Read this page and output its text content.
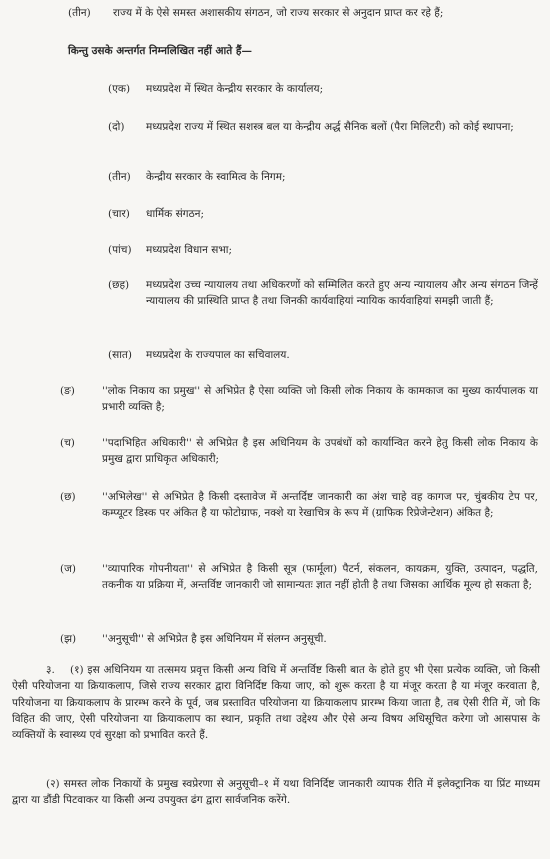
(तीन) राज्य में के ऐसे समस्त अशासकीय संगठन, जो राज्य सरकार से अनुदान प्राप्त कर रहे हैं;
किन्तु उसके अन्तर्गत निम्नलिखित नहीं आते हैं—
(एक) मध्यप्रदेश में स्थित केन्द्रीय सरकार के कार्यालय;
(दो) मध्यप्रदेश राज्य में स्थित सशस्त्र बल या केन्द्रीय अर्द्ध सैनिक बलों (पैरा मिलिटरी) को कोई स्थापना;
(तीन) केन्द्रीय सरकार के स्वामित्व के निगम;
(चार) धार्मिक संगठन;
(पांच) मध्यप्रदेश विधान सभा;
(छह) मध्यप्रदेश उच्च न्यायालय तथा अधिकरणों को सम्मिलित करते हुए अन्य न्यायालय और अन्य संगठन जिन्हें न्यायालय की प्रास्थिति प्राप्त है तथा जिनकी कार्यवाहियां न्यायिक कार्यवाहियां समझी जाती हैं;
(सात) मध्यप्रदेश के राज्यपाल का सचिवालय.
(ङ)	''लोक निकाय का प्रमुख'' से अभिप्रेत है ऐसा व्यक्ति जो किसी लोक निकाय के कामकाज का मुख्य कार्यपालक या प्रभारी व्यक्ति है;
(च)	''पदाभिहित अधिकारी'' से अभिप्रेत है इस अधिनियम के उपबंधों को कार्यान्वित करने हेतु किसी लोक निकाय के प्रमुख द्वारा प्राधिकृत अधिकारी;
(छ)	''अभिलेख'' से अभिप्रेत है किसी दस्तावेज में अन्तर्दिष्ट जानकारी का अंश चाहे वह कागज पर, चुंबकीय टेप पर, कम्प्यूटर डिस्क पर अंकित है या फोटोग्राफ, नक्शे या रेखाचित्र के रूप में (ग्राफिक रिप्रेजेन्टेशन) अंकित है;
(ज) ''व्यापारिक गोपनीयता'' से अभिप्रेत है किसी सूत्र (फार्मूला) पैटर्न, संकलन, कायक्रम, युक्ति, उत्पादन, पद्धति, तकनीक या प्रक्रिया में, अन्तर्विष्ट जानकारी जो सामान्यतः ज्ञात नहीं होती है तथा जिसका आर्थिक मूल्य हो सकता है;
(झ) ''अनुसूची'' से अभिप्रेत है इस अधिनियम में संलग्न अनुसूची.
३. (१) इस अधिनियम या तत्समय प्रवृत्त किसी अन्य विधि में अन्तर्विष्ट किसी बात के होते हुए भी ऐसा प्रत्येक व्यक्ति, जो किसी ऐसी परियोजना या क्रियाकलाप, जिसे राज्य सरकार द्वारा विनिर्दिष्ट किया जाए, को शुरू करता है या मंजूर करता है या मंजूर करवाता है, परियोजना या क्रियाकलाप के प्रारम्भ करने के पूर्व, जब प्रस्तावित परियोजना या क्रियाकलाप प्रारम्भ किया जाता है, तब ऐसी रीति में, जो कि विहित की जाए, ऐसी परियोजना या क्रियाकलाप का स्थान, प्रकृति तथा उद्देश्य और ऐसे अन्य विषय अधिसूचित करेगा जो आसपास के व्यक्तियों के स्वास्थ्य एवं सुरक्षा को प्रभावित करते हैं.
(२) समस्त लोक निकायों के प्रमुख स्वप्रेरणा से अनुसूची–१ में यथा विनिर्दिष्ट जानकारी व्यापक रीति में इलेक्ट्रानिक या प्रिंट माध्यम द्वारा या डौंडी पिटवाकर या किसी अन्य उपयुक्त ढंग द्वारा सार्वजनिक करेंगे.
